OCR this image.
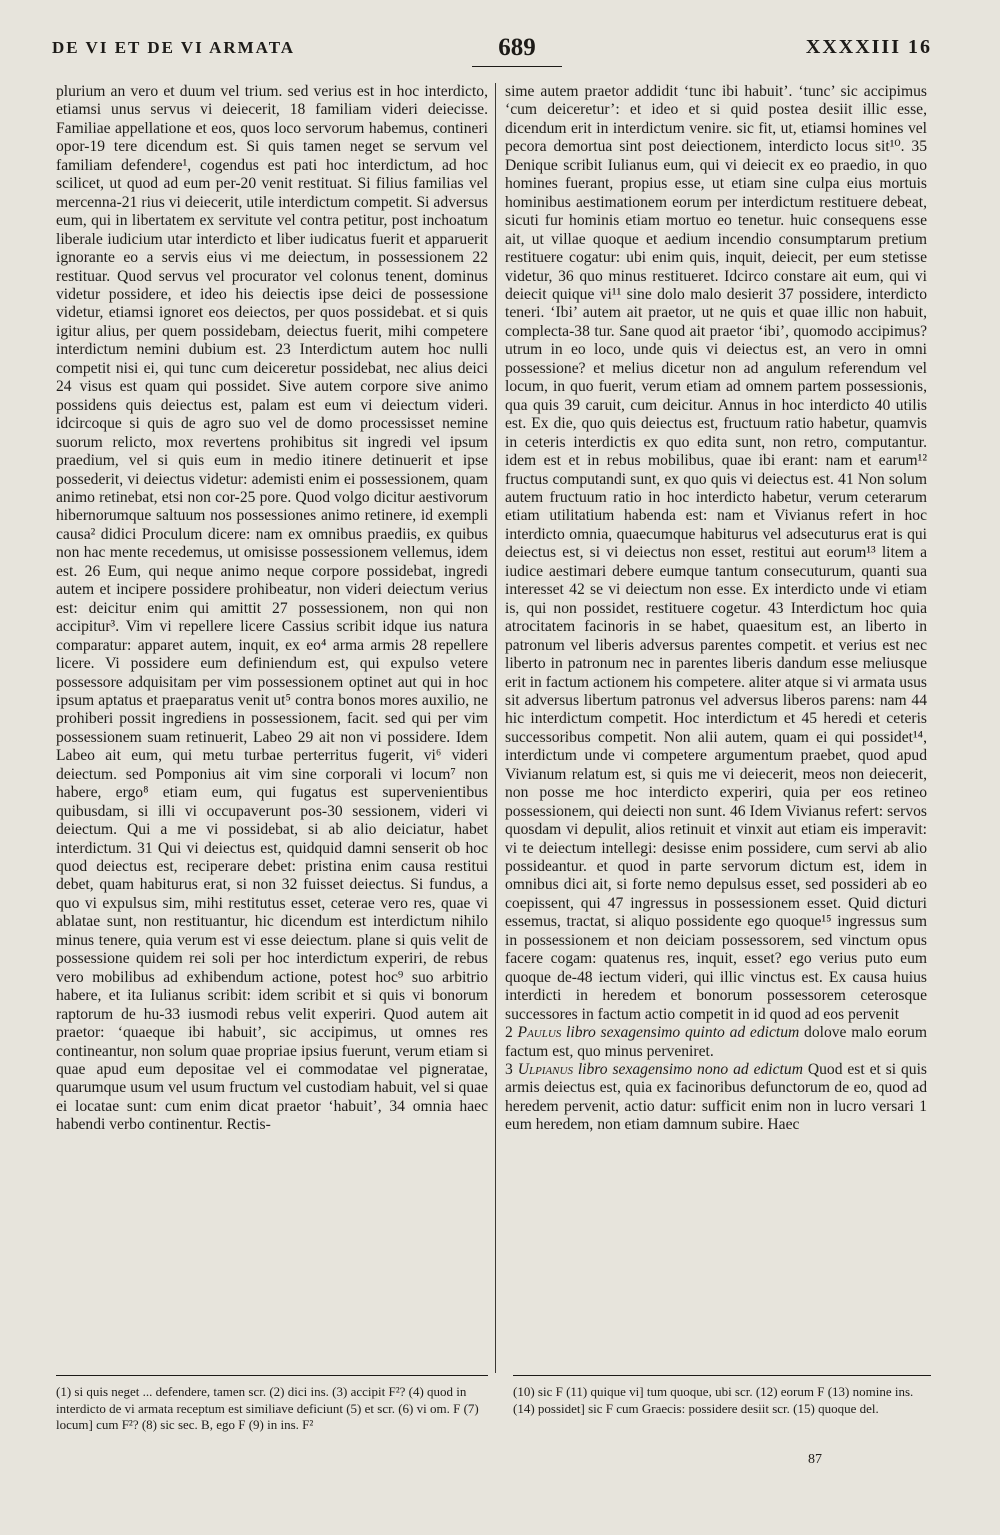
DE VI ET DE VI ARMATA	689	XXXXIII 16

plurium an vero et duum vel trium. sed verius est in hoc interdicto, etiamsi unus servus vi deiecerit, 18 familiam videri deiecisse. Familiae appellatione et eos, quos loco servorum habemus, contineri opor-19 tere dicendum est. Si quis tamen neget se servum vel familiam defendere¹, cogendus est pati hoc interdictum, ad hoc scilicet, ut quod ad eum per-20 venit restituat. Si filius familias vel mercenna-21 rius vi deiecerit, utile interdictum competit. Si adversus eum, qui in libertatem ex servitute vel contra petitur, post inchoatum liberale iudicium utar interdicto et liber iudicatus fuerit et apparuerit ignorante eo a servis eius vi me deiectum, in possessionem 22 restituar. Quod servus vel procurator vel colonus tenent, dominus videtur possidere, et ideo his deiectis ipse deici de possessione videtur, etiamsi ignoret eos deiectos, per quos possidebat. et si quis igitur alius, per quem possidebam, deiectus fuerit, mihi competere interdictum nemini dubium est. 23 Interdictum autem hoc nulli competit nisi ei, qui tunc cum deiceretur possidebat, nec alius deici 24 visus est quam qui possidet. Sive autem corpore sive animo possidens quis deiectus est, palam est eum vi deiectum videri. idcircoque si quis de agro suo vel de domo processisset nemine suorum relicto, mox revertens prohibitus sit ingredi vel ipsum praedium, vel si quis eum in medio itinere detinuerit et ipse possederit, vi deiectus videtur: ademisti enim ei possessionem, quam animo retinebat, etsi non cor-25 pore. Quod volgo dicitur aestivorum hibernorumque saltuum nos possessiones animo retinere, id exempli causa² didici Proculum dicere: nam ex omnibus praediis, ex quibus non hac mente recedemus, ut omisisse possessionem vellemus, idem est. 26 Eum, qui neque animo neque corpore possidebat, ingredi autem et incipere possidere prohibeatur, non videri deiectum verius est: deicitur enim qui amittit 27 possessionem, non qui non accipitur³. Vim vi repellere licere Cassius scribit idque ius natura comparatur: apparet autem, inquit, ex eo⁴ arma armis 28 repellere licere. Vi possidere eum definiendum est, qui expulso vetere possessore adquisitam per vim possessionem optinet aut qui in hoc ipsum aptatus et praeparatus venit ut⁵ contra bonos mores auxilio, ne prohiberi possit ingrediens in possessionem, facit. sed qui per vim possessionem suam retinuerit, Labeo 29 ait non vi possidere. Idem Labeo ait eum, qui metu turbae perterritus fugerit, vi⁶ videri deiectum. sed Pomponius ait vim sine corporali vi locum⁷ non habere, ergo⁸ etiam eum, qui fugatus est supervenientibus quibusdam, si illi vi occupaverunt pos-30 sessionem, videri vi deiectum. Qui a me vi possidebat, si ab alio deiciatur, habet interdictum. 31 Qui vi deiectus est, quidquid damni senserit ob hoc quod deiectus est, reciperare debet: pristina enim causa restitui debet, quam habiturus erat, si non 32 fuisset deiectus. Si fundus, a quo vi expulsus sim, mihi restitutus esset, ceterae vero res, quae vi ablatae sunt, non restituantur, hic dicendum est interdictum nihilo minus tenere, quia verum est vi esse deiectum. plane si quis velit de possessione quidem rei soli per hoc interdictum experiri, de rebus vero mobilibus ad exhibendum actione, potest hoc⁹ suo arbitrio habere, et ita Iulianus scribit: idem scribit et si quis vi bonorum raptorum de hu-33 iusmodi rebus velit experiri. Quod autem ait praetor: ‘quaeque ibi habuit’, sic accipimus, ut omnes res contineantur, non solum quae propriae ipsius fuerunt, verum etiam si quae apud eum depositae vel ei commodatae vel pigneratae, quarumque usum vel usum fructum vel custodiam habuit, vel si quae ei locatae sunt: cum enim dicat praetor ‘habuit’, 34 omnia haec habendi verbo continentur. Rectis-

sime autem praetor addidit ‘tunc ibi habuit’. ‘tunc’ sic accipimus ‘cum deiceretur’: et ideo et si quid postea desiit illic esse, dicendum erit in interdictum venire. sic fit, ut, etiamsi homines vel pecora demortua sint post deiectionem, interdicto locus sit¹⁰. 35 Denique scribit Iulianus eum, qui vi deiecit ex eo praedio, in quo homines fuerant, propius esse, ut etiam sine culpa eius mortuis hominibus aestimationem eorum per interdictum restituere debeat, sicuti fur hominis etiam mortuo eo tenetur. huic consequens esse ait, ut villae quoque et aedium incendio consumptarum pretium restituere cogatur: ubi enim quis, inquit, deiecit, per eum stetisse videtur, 36 quo minus restitueret. Idcirco constare ait eum, qui vi deiecit quique vi¹¹ sine dolo malo desierit 37 possidere, interdicto teneri. ‘Ibi’ autem ait praetor, ut ne quis et quae illic non habuit, complecta-38 tur. Sane quod ait praetor ‘ibi’, quomodo accipimus? utrum in eo loco, unde quis vi deiectus est, an vero in omni possessione? et melius dicetur non ad angulum referendum vel locum, in quo fuerit, verum etiam ad omnem partem possessionis, qua quis 39 caruit, cum deicitur. Annus in hoc interdicto 40 utilis est. Ex die, quo quis deiectus est, fructuum ratio habetur, quamvis in ceteris interdictis ex quo edita sunt, non retro, computantur. idem est et in rebus mobilibus, quae ibi erant: nam et earum¹² fructus computandi sunt, ex quo quis vi deiectus est. 41 Non solum autem fructuum ratio in hoc interdicto habetur, verum ceterarum etiam utilitatium habenda est: nam et Vivianus refert in hoc interdicto omnia, quaecumque habiturus vel adsecuturus erat is qui deiectus est, si vi deiectus non esset, restitui aut eorum¹³ litem a iudice aestimari debere eumque tantum consecuturum, quanti sua interesset 42 se vi deiectum non esse. Ex interdicto unde vi etiam is, qui non possidet, restituere cogetur. 43 Interdictum hoc quia atrocitatem facinoris in se habet, quaesitum est, an liberto in patronum vel liberis adversus parentes competit. et verius est nec liberto in patronum nec in parentes liberis dandum esse meliusque erit in factum actionem his competere. aliter atque si vi armata usus sit adversus libertum patronus vel adversus liberos parens: nam 44 hic interdictum competit. Hoc interdictum et 45 heredi et ceteris successoribus competit. Non alii autem, quam ei qui possidet¹⁴, interdictum unde vi competere argumentum praebet, quod apud Vivianum relatum est, si quis me vi deiecerit, meos non deiecerit, non posse me hoc interdicto experiri, quia per eos retineo possessionem, qui deiecti non sunt. 46 Idem Vivianus refert: servos quosdam vi depulit, alios retinuit et vinxit aut etiam eis imperavit: vi te deiectum intellegi: desisse enim possidere, cum servi ab alio possideantur. et quod in parte servorum dictum est, idem in omnibus dici ait, si forte nemo depulsus esset, sed possideri ab eo coepissent, qui 47 ingressus in possessionem esset. Quid dicturi essemus, tractat, si aliquo possidente ego quoque¹⁵ ingressus sum in possessionem et non deiciam possessorem, sed vinctum opus facere cogam: quatenus res, inquit, esset? ego verius puto eum quoque de-48 iectum videri, qui illic vinctus est. Ex causa huius interdicti in heredem et bonorum possessorem ceterosque successores in factum actio competit in id quod ad eos pervenit

2 Paulus libro sexagensimo quinto ad edictum dolove malo eorum factum est, quo minus perveniret.

3 Ulpianus libro sexagensimo nono ad edictum Quod est et si quis armis deiectus est, quia ex facinoribus defunctorum de eo, quod ad heredem pervenit, actio datur: sufficit enim non in lucro versari 1 eum heredem, non etiam damnum subire. Haec

(1) si quis neget ... defendere, tamen scr. (2) dici ins. (3) accipit F²? (4) quod in interdicto de vi armata receptum est similiave deficiunt (5) et scr. (6) vi om. F (7) locum] cum F²? (8) sic sec. B, ego F (9) in ins. F²
(10) sic F (11) quique vi] tum quoque, ubi scr. (12) eorum F (13) nomine ins. (14) possidet] sic F cum Graecis: possidere desiit scr. (15) quoque del.
87
